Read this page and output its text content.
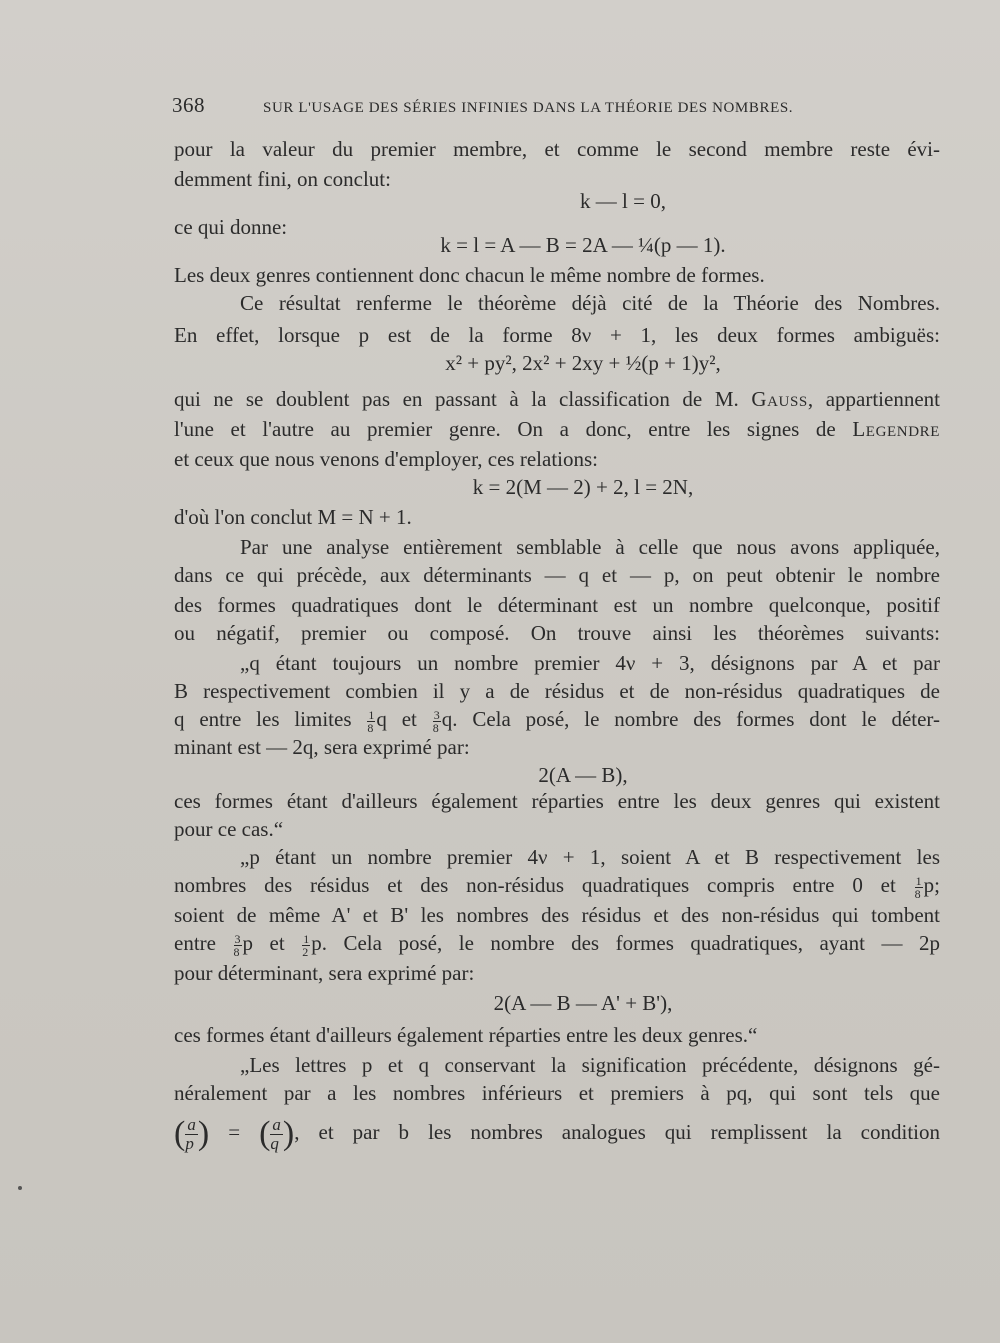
368	SUR L'USAGE DES SÉRIES INFINIES DANS LA THÉORIE DES NOMBRES.
pour la valeur du premier membre, et comme le second membre reste évi-
demment fini, on conclut:
k — l = 0,
ce qui donne:
k = l = A — B = 2A — ¼(p — 1).
Les deux genres contiennent donc chacun le même nombre de formes.
Ce résultat renferme le théorème déjà cité de la Théorie des Nombres.
En effet, lorsque p est de la forme 8ν + 1, les deux formes ambiguës:
x² + py², 2x² + 2xy + ½(p + 1)y²,
qui ne se doublent pas en passant à la classification de M. Gauss, appartiennent
l'une et l'autre au premier genre. On a donc, entre les signes de Legendre
et ceux que nous venons d'employer, ces relations:
k = 2(M — 2) + 2, l = 2N,
d'où l'on conclut M = N + 1.
Par une analyse entièrement semblable à celle que nous avons appliquée,
dans ce qui précède, aux déterminants — q et — p, on peut obtenir le nombre
des formes quadratiques dont le déterminant est un nombre quelconque, positif
ou négatif, premier ou composé. On trouve ainsi les théorèmes suivants:
„q étant toujours un nombre premier 4ν + 3, désignons par A et par
B respectivement combien il y a de résidus et de non-résidus quadratiques de
q entre les limites $\frac{1}{8}$ q et $\frac{3}{8} q$. Cela posé, le nombre des formes dont le déter-
minant est — 2q, sera exprimé par:
2(A — B),
ces formes étant d'ailleurs également réparties entre les deux genres qui existent
pour ce cas.“
„p étant un nombre premier 4ν + 1, soient A et B respectivement les
nombres des résidus et des non-résidus quadratiques compris entre 0 et $\frac{1}{8} p$;
soient de même A' et B' les nombres des résidus et des non-résidus qui tombent
entre $\frac{3}{8}$ p et $\frac{1}{2} p$. Cela posé, le nombre des formes quadratiques, ayant — 2p
pour déterminant, sera exprimé par:
2(A — B — A' + B'),
ces formes étant d'ailleurs également réparties entre les deux genres.“
„Les lettres p et q conservant la signification précédente, désignons gé-
néralement par a les nombres inférieurs et premiers à pq, qui sont tels que
( $\frac{a}{p}$ ) = ( $\frac{a}{q}$ ), et par b les nombres analogues qui remplissent la condition
